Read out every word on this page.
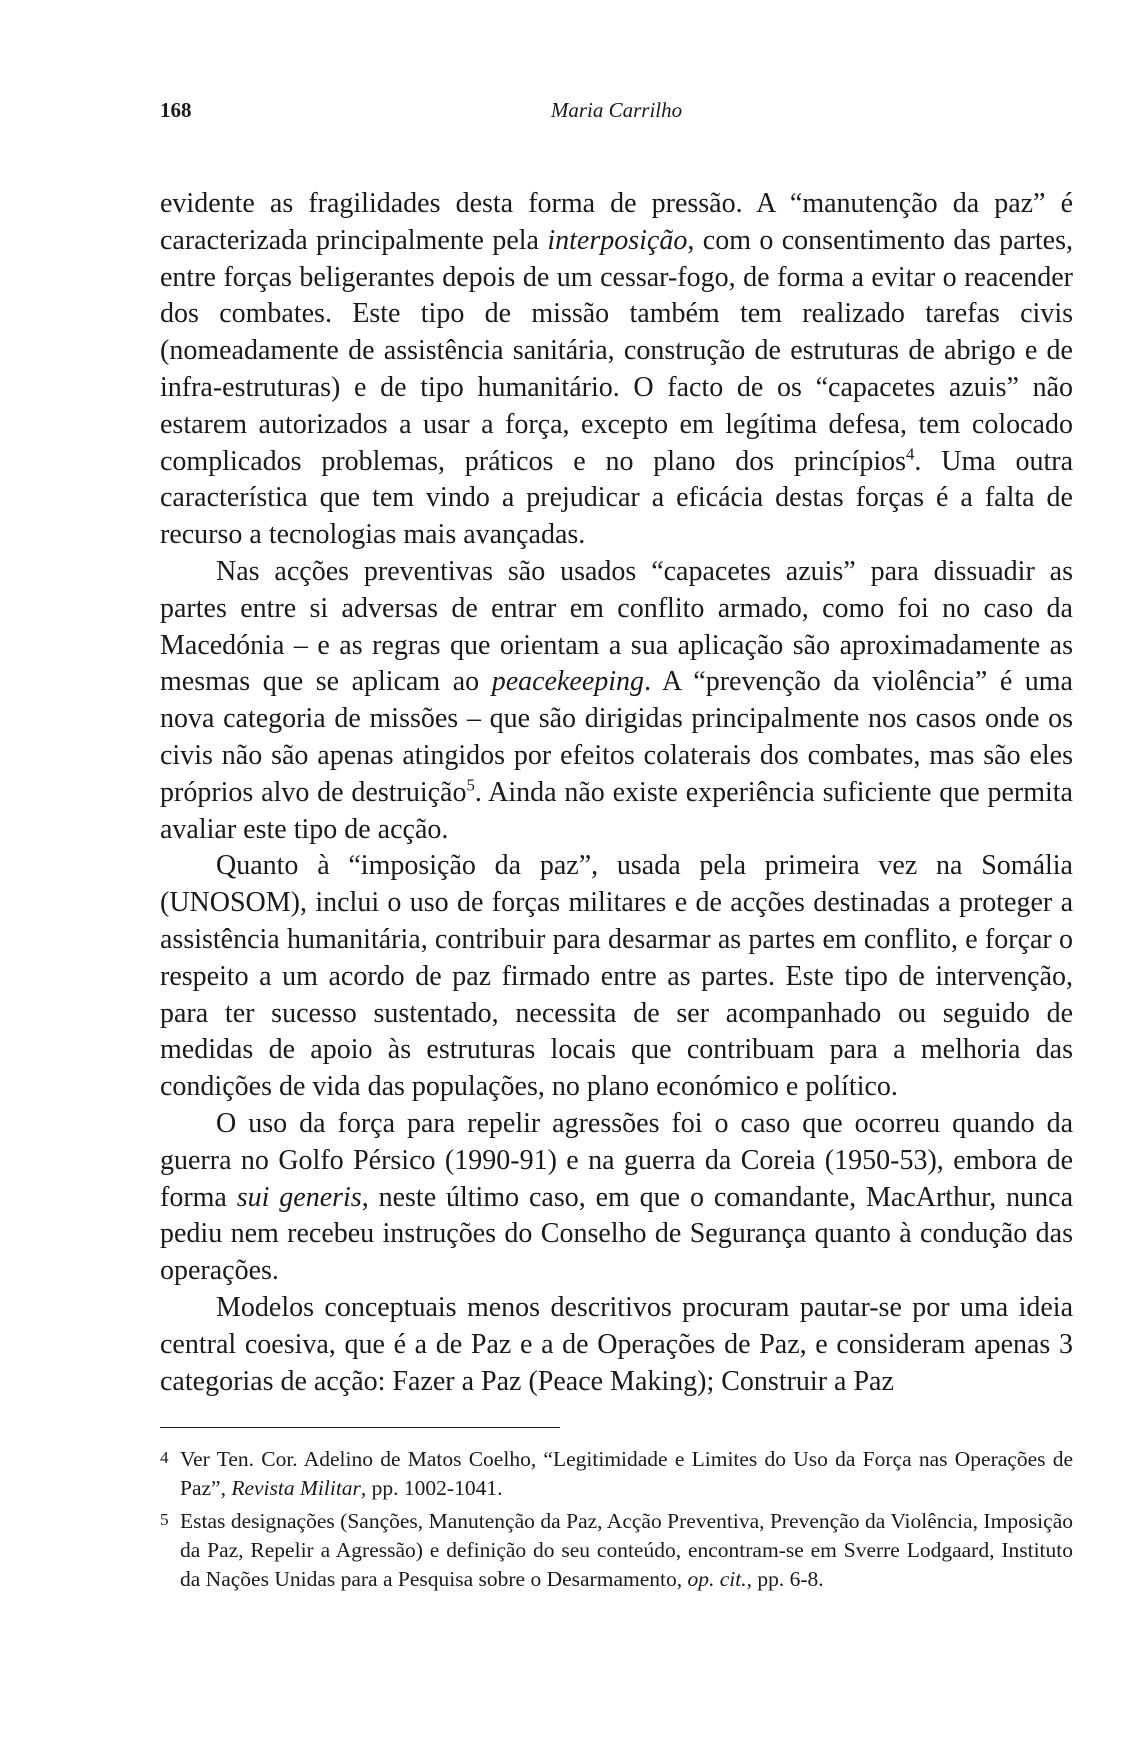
168	Maria Carrilho

evidente as fragilidades desta forma de pressão. A “manutenção da paz” é caracterizada principalmente pela interposição, com o consentimento das partes, entre forças beligerantes depois de um cessar-fogo, de forma a evitar o reacender dos combates. Este tipo de missão também tem realizado tarefas civis (nomeadamente de assistência sanitária, construção de estruturas de abrigo e de infra-estruturas) e de tipo humanitário. O facto de os “capacetes azuis” não estarem autorizados a usar a força, excepto em legítima defesa, tem colocado complicados problemas, práticos e no plano dos princípios$^4$. Uma outra característica que tem vindo a prejudicar a eficácia destas forças é a falta de recurso a tecnologias mais avançadas.

Nas acções preventivas são usados “capacetes azuis” para dissuadir as partes entre si adversas de entrar em conflito armado, como foi no caso da Macedónia – e as regras que orientam a sua aplicação são aproximadamente as mesmas que se aplicam ao peacekeeping. A “prevenção da violência” é uma nova categoria de missões – que são dirigidas principalmente nos casos onde os civis não são apenas atingidos por efeitos colaterais dos combates, mas são eles próprios alvo de destruição$^5$. Ainda não existe experiência suficiente que permita avaliar este tipo de acção.

Quanto à “imposição da paz”, usada pela primeira vez na Somália (UNOSOM), inclui o uso de forças militares e de acções destinadas a proteger a assistência humanitária, contribuir para desarmar as partes em conflito, e forçar o respeito a um acordo de paz firmado entre as partes. Este tipo de intervenção, para ter sucesso sustentado, necessita de ser acompanhado ou seguido de medidas de apoio às estruturas locais que contribuam para a melhoria das condições de vida das populações, no plano económico e político.

O uso da força para repelir agressões foi o caso que ocorreu quando da guerra no Golfo Pérsico (1990-91) e na guerra da Coreia (1950-53), embora de forma sui generis, neste último caso, em que o comandante, MacArthur, nunca pediu nem recebeu instruções do Conselho de Segurança quanto à condução das operações.

Modelos conceptuais menos descritivos procuram pautar-se por uma ideia central coesiva, que é a de Paz e a de Operações de Paz, e consideram apenas 3 categorias de acção: Fazer a Paz (Peace Making); Construir a Paz

4 Ver Ten. Cor. Adelino de Matos Coelho, “Legitimidade e Limites do Uso da Força nas Operações de Paz”, Revista Militar, pp. 1002-1041.

5 Estas designações (Sanções, Manutenção da Paz, Acção Preventiva, Prevenção da Violência, Imposição da Paz, Repelir a Agressão) e definição do seu conteúdo, encontram-se em Sverre Lodgaard, Instituto da Nações Unidas para a Pesquisa sobre o Desarmamento, op. cit., pp. 6-8.
